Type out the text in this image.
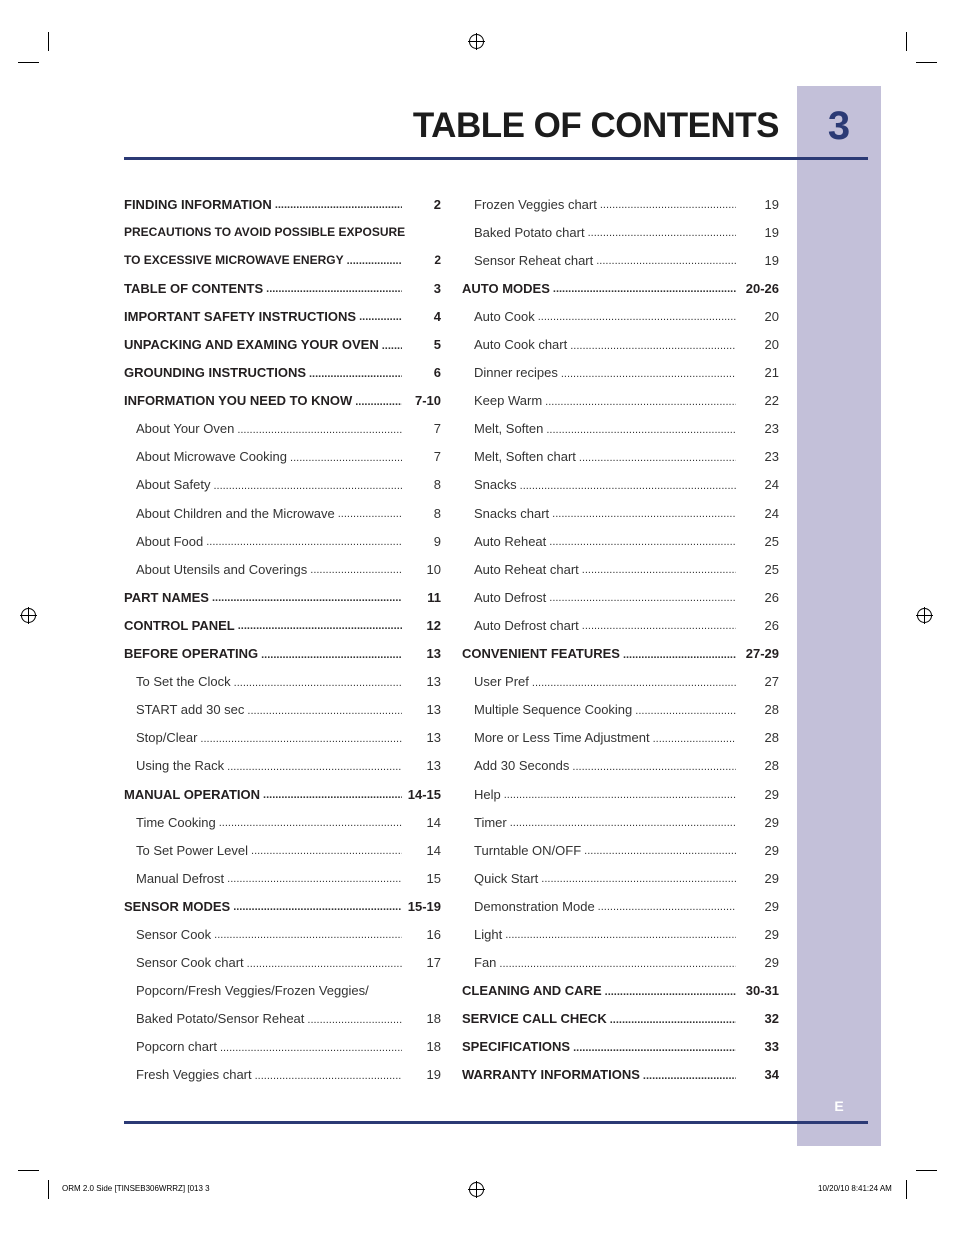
3
E
TABLE OF CONTENTS
FINDING INFORMATION .....	2
PRECAUTIONS TO AVOID POSSIBLE EXPOSURE
TO EXCESSIVE MICROWAVE ENERGY .....	2
TABLE OF CONTENTS .....	3
IMPORTANT SAFETY INSTRUCTIONS .....	4
UNPACKING AND EXAMING YOUR OVEN .....	5
GROUNDING INSTRUCTIONS .....	6
INFORMATION YOU NEED TO KNOW .....	7-10
About Your Oven .....	7
About Microwave Cooking .....	7
About Safety .....	8
About Children and the Microwave .....	8
About Food .....	9
About Utensils and Coverings .....	10
PART NAMES .....	11
CONTROL PANEL .....	12
BEFORE OPERATING .....	13
To Set the Clock .....	13
START add 30 sec .....	13
Stop/Clear .....	13
Using the Rack .....	13
MANUAL OPERATION .....	14-15
Time Cooking .....	14
To Set Power Level .....	14
Manual Defrost .....	15
SENSOR MODES .....	15-19
Sensor Cook .....	16
Sensor Cook chart .....	17
Popcorn/Fresh Veggies/Frozen Veggies/
Baked Potato/Sensor Reheat .....	18
Popcorn chart .....	18
Fresh Veggies chart .....	19
Frozen Veggies chart .....	19
Baked Potato chart .....	19
Sensor Reheat chart .....	19
AUTO MODES .....	20-26
Auto Cook .....	20
Auto Cook chart .....	20
Dinner recipes .....	21
Keep Warm .....	22
Melt, Soften .....	23
Melt, Soften chart .....	23
Snacks .....	24
Snacks chart .....	24
Auto Reheat .....	25
Auto Reheat chart .....	25
Auto Defrost .....	26
Auto Defrost chart .....	26
CONVENIENT FEATURES .....	27-29
User Pref .....	27
Multiple Sequence Cooking .....	28
More or Less Time Adjustment .....	28
Add 30 Seconds .....	28
Help .....	29
Timer .....	29
Turntable ON/OFF .....	29
Quick Start .....	29
Demonstration Mode .....	29
Light .....	29
Fan .....	29
CLEANING AND CARE .....	30-31
SERVICE CALL CHECK .....	32
SPECIFICATIONS .....	33
WARRANTY INFORMATIONS .....	34
ORM 2.0 Side [TINSEB306WRRZ] [013 3	10/20/10 8:41:24 AM
